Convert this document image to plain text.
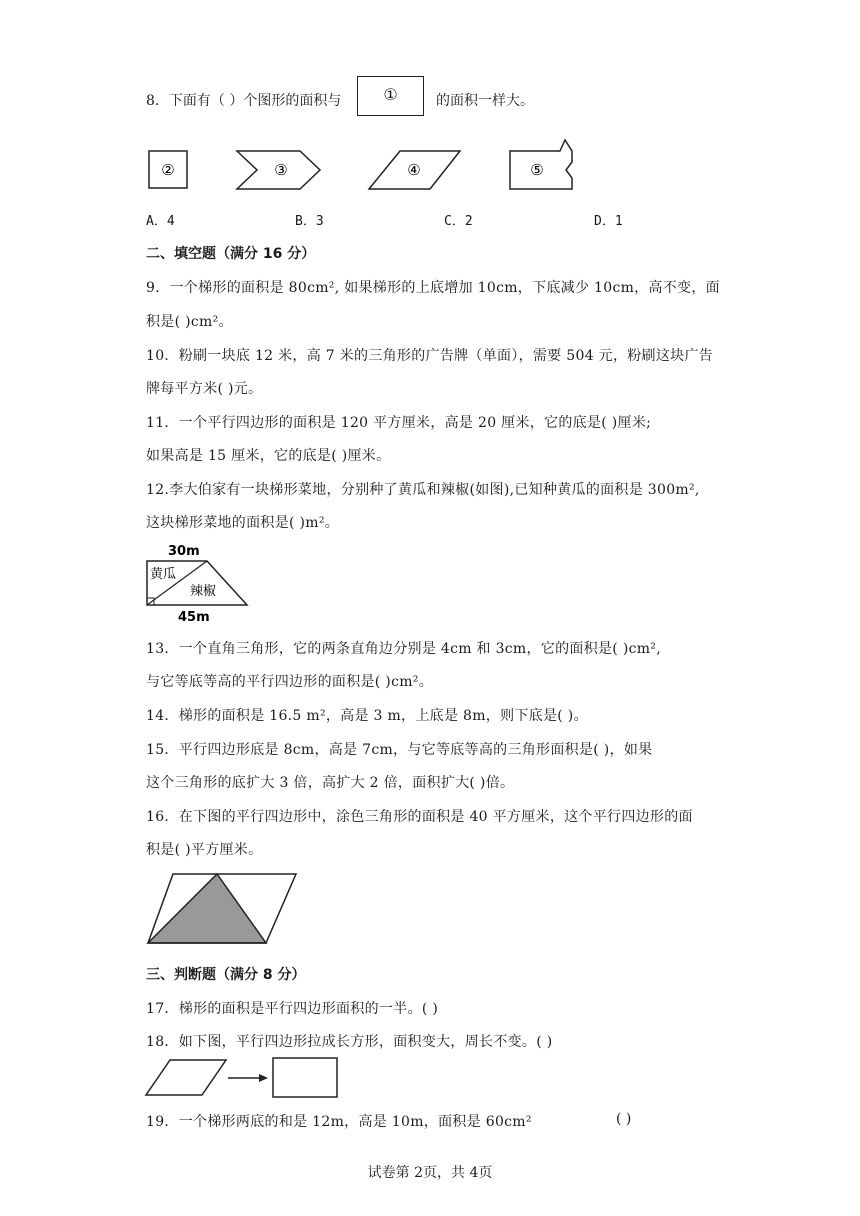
8．下面有（ ）个图形的面积与	①	的面积一样大。
②	③	④	⑤
A．4	B．3	C．2	D．1
二、填空题（满分 16 分）
9．一个梯形的面积是 80cm², 如果梯形的上底增加 10cm，下底减少 10cm，高不变，面
积是( )cm²。
10．粉刷一块底 12 米，高 7 米的三角形的广告牌（单面），需要 504 元，粉刷这块广告
牌每平方米( )元。
11．一个平行四边形的面积是 120 平方厘米，高是 20 厘米，它的底是( )厘米;
如果高是 15 厘米，它的底是( )厘米。
12.李大伯家有一块梯形菜地，分别种了黄瓜和辣椒(如图),已知种黄瓜的面积是 300m²,
这块梯形菜地的面积是( )m²。
30m
黄瓜
辣椒
45m
13．一个直角三角形，它的两条直角边分别是 4cm 和 3cm，它的面积是( )cm²,
与它等底等高的平行四边形的面积是( )cm²。
14．梯形的面积是 16.5 m²，高是 3 m，上底是 8m，则下底是( )。
15．平行四边形底是 8cm，高是 7cm，与它等底等高的三角形面积是( )，如果
这个三角形的底扩大 3 倍，高扩大 2 倍，面积扩大( )倍。
16．在下图的平行四边形中，涂色三角形的面积是 40 平方厘米，这个平行四边形的面
积是( )平方厘米。
三、判断题（满分 8 分）
17．梯形的面积是平行四边形面积的一半。( )
18．如下图，平行四边形拉成长方形，面积变大，周长不变。( )
19．一个梯形两底的和是 12m，高是 10m，面积是 60cm²	( )
试卷第 2页，共 4页
